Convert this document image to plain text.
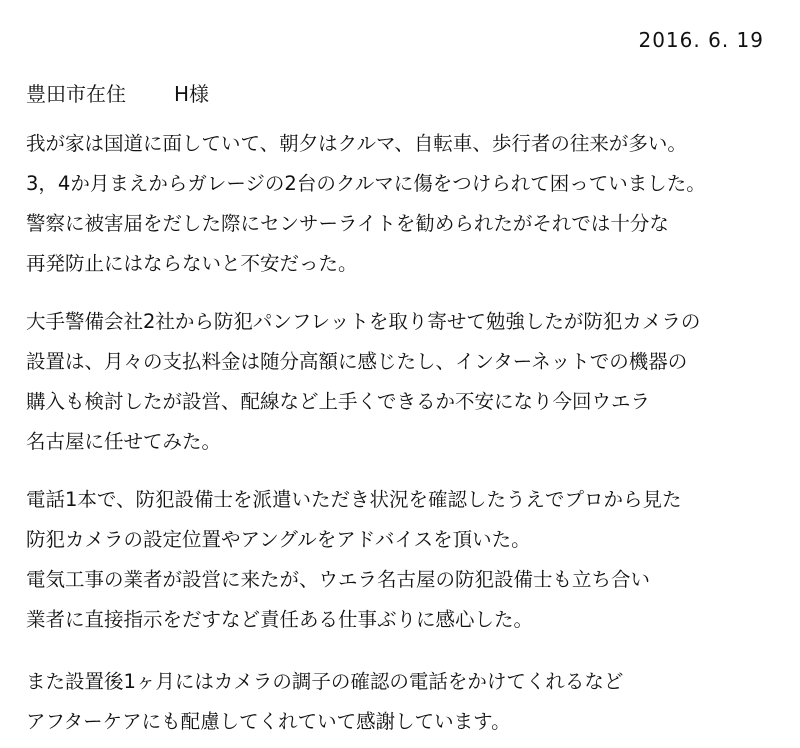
2016. 6. 19
豊田市在住 H様
我が家は国道に面していて、朝夕はクルマ、自転車、歩行者の往来が多い。
3，4か月まえからガレージの2台のクルマに傷をつけられて困っていました。
警察に被害届をだした際にセンサーライトを勧められたがそれでは十分な
再発防止にはならないと不安だった。
大手警備会社2社から防犯パンフレットを取り寄せて勉強したが防犯カメラの
設置は、月々の支払料金は随分高額に感じたし、インターネットでの機器の
購入も検討したが設営、配線など上手くできるか不安になり今回ウエラ
名古屋に任せてみた。
電話1本で、防犯設備士を派遣いただき状況を確認したうえでプロから見た
防犯カメラの設定位置やアングルをアドバイスを頂いた。
電気工事の業者が設営に来たが、ウエラ名古屋の防犯設備士も立ち合い
業者に直接指示をだすなど責任ある仕事ぶりに感心した。
また設置後1ヶ月にはカメラの調子の確認の電話をかけてくれるなど
アフターケアにも配慮してくれていて感謝しています。
